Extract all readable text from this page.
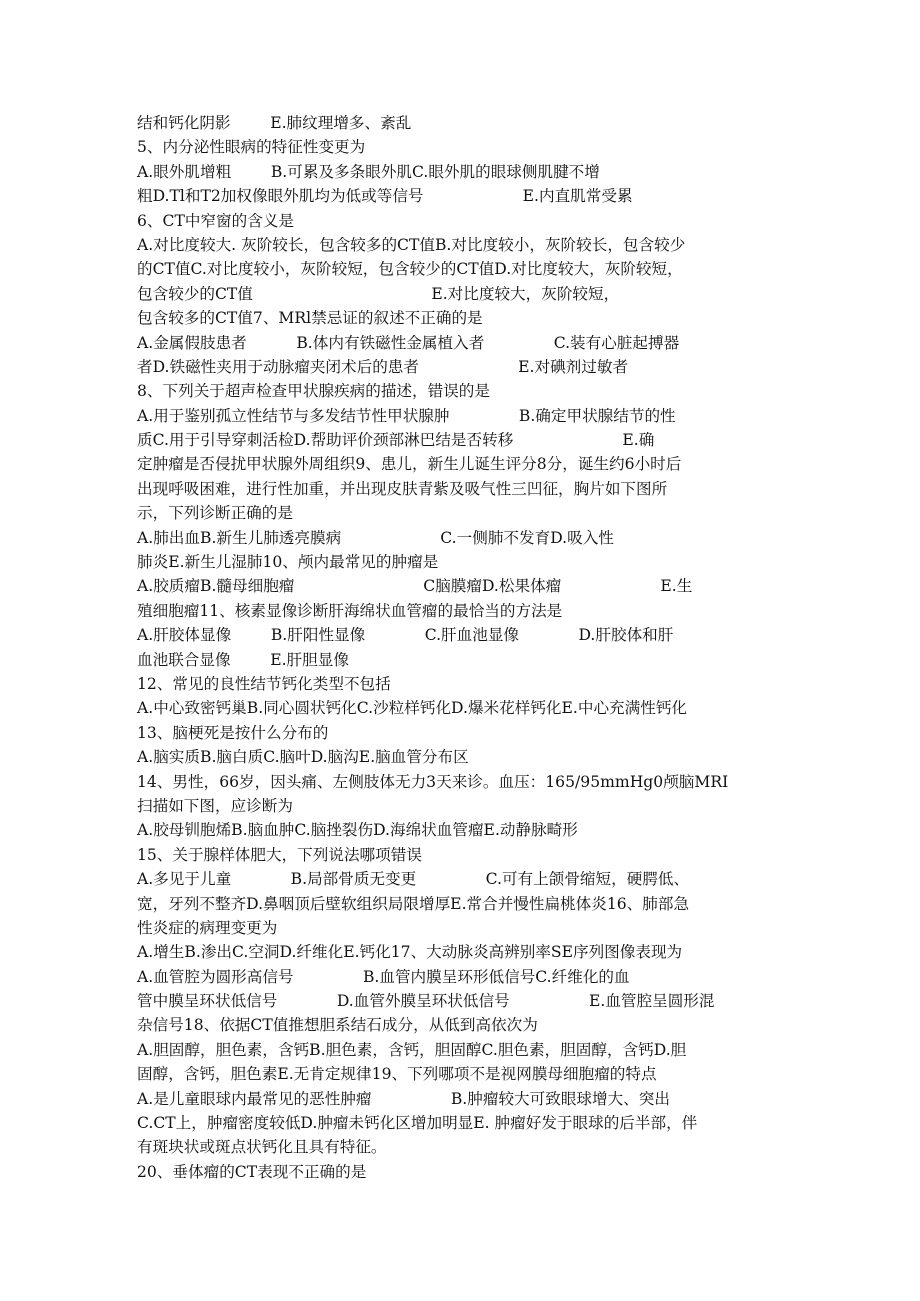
结和钙化阴影        E.肺纹理增多、紊乱
5、内分泌性眼病的特征性变更为
A.眼外肌增粗        B.可累及多条眼外肌C.眼外肌的眼球侧肌腱不增
粗D.Tl和T2加权像眼外肌均为低或等信号                    E.内直肌常受累
6、CT中窄窗的含义是
A.对比度较大. 灰阶较长，包含较多的CT值B.对比度较小，灰阶较长，包含较少
的CT值C.对比度较小，灰阶较短，包含较少的CT值D.对比度较大，灰阶较短，
包含较少的CT值                                    E.对比度较大，灰阶较短，
包含较多的CT值7、MRl禁忌证的叙述不正确的是
A.金属假肢患者          B.体内有铁磁性金属植入者              C.装有心脏起搏器
者D.铁磁性夹用于动脉瘤夹闭术后的患者                    E.对碘剂过敏者
8、下列关于超声检查甲状腺疾病的描述，错误的是
A.用于鉴别孤立性结节与多发结节性甲状腺肿              B.确定甲状腺结节的性
质C.用于引导穿刺活检D.帮助评价颈部淋巴结是否转移                      E.确
定肿瘤是否侵扰甲状腺外周组织9、患儿，新生儿诞生评分8分，诞生约6小时后
出现呼吸困难，进行性加重，并出现皮肤青紫及吸气性三凹征，胸片如下图所
示，下列诊断正确的是
A.肺出血B.新生儿肺透亮膜病                    C.一侧肺不发育D.吸入性
肺炎E.新生儿湿肺10、颅内最常见的肿瘤是
A.胶质瘤B.髓母细胞瘤                          C脑膜瘤D.松果体瘤                    E.生
殖细胞瘤11、核素显像诊断肝海绵状血管瘤的最恰当的方法是
A.肝胶体显像        B.肝阳性显像            C.肝血池显像            D.肝胶体和肝
血池联合显像        E.肝胆显像
12、常见的良性结节钙化类型不包括
A.中心致密钙巢B.同心圆状钙化C.沙粒样钙化D.爆米花样钙化E.中心充满性钙化
13、脑梗死是按什么分布的
A.脑实质B.脑白质C.脑叶D.脑沟E.脑血管分布区
14、男性，66岁，因头痛、左侧肢体无力3天来诊。血压：165/95mmHg0颅脑MRI
扫描如下图，应诊断为
A.胶母钏胞烯B.脑血肿C.脑挫裂伤D.海绵状血管瘤E.动静脉畸形
15、关于腺样体肥大，下列说法哪项错误
A.多见于儿童            B.局部骨质无变更              C.可有上颌骨缩短，硬腭低、
宽，牙列不整齐D.鼻咽顶后壁软组织局限增厚E.常合并慢性扁桃体炎16、肺部急
性炎症的病理变更为
A.增生B.渗出C.空洞D.纤维化E.钙化17、大动脉炎高辨别率SE序列图像表现为
A.血管腔为圆形高信号              B.血管内膜呈环形低信号C.纤维化的血
管中膜呈环状低信号            D.血管外膜呈环状低信号                E.血管腔呈圆形混
杂信号18、依据CT值推想胆系结石成分，从低到高依次为
A.胆固醇，胆色素，含钙B.胆色素，含钙，胆固醇C.胆色素，胆固醇，含钙D.胆
固醇，含钙，胆色素E.无肯定规律19、下列哪项不是视网膜母细胞瘤的特点
A.是儿童眼球内最常见的恶性肿瘤                B.肿瘤较大可致眼球增大、突出
C.CT上，肿瘤密度较低D.肿瘤未钙化区增加明显E. 肿瘤好发于眼球的后半部，伴
有斑块状或斑点状钙化且具有特征。
20、垂体瘤的CT表现不正确的是
